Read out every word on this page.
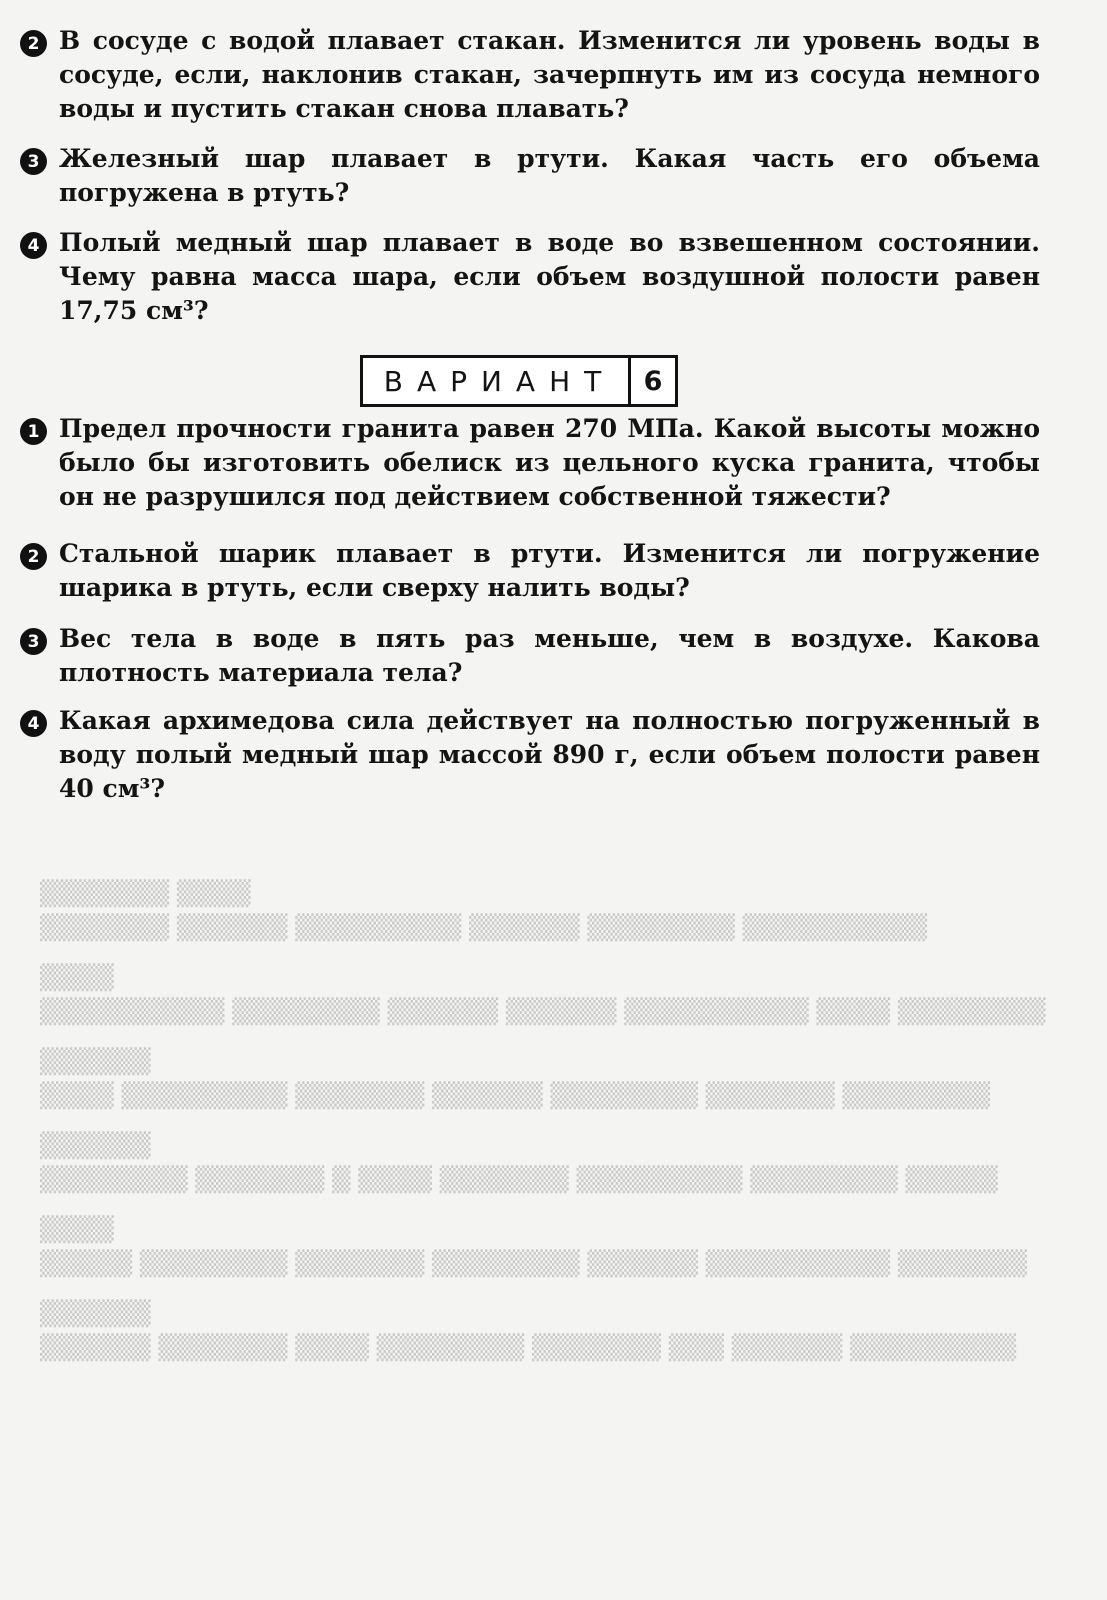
▒▒▒▒▒▒ ▒▒▒▒▒▒▒ ▒▒▒▒ ▒▒▒▒▒▒▒▒ ▒▒▒▒▒▒▒ ▒▒▒ ▒▒▒▒▒▒ ▒▒▒▒▒▒▒▒▒ ▒▒▒▒▒▒

▒▒▒▒▒ ▒▒▒▒▒▒▒▒ ▒▒▒▒▒▒▒ ▒▒▒▒▒▒▒▒ ▒▒▒▒▒▒ ▒▒▒▒▒▒▒▒▒▒ ▒▒▒▒▒▒▒ ▒▒▒▒

▒▒▒▒▒▒▒▒ ▒▒▒▒▒▒▒ ▒ ▒▒▒▒ ▒▒▒▒▒▒▒ ▒▒▒▒▒▒▒▒▒ ▒▒▒▒▒▒▒▒ ▒▒▒▒▒ ▒▒▒▒▒▒

▒▒▒▒ ▒▒▒▒▒▒▒▒▒ ▒▒▒▒▒▒▒ ▒▒▒▒▒▒ ▒▒▒▒▒▒▒▒ ▒▒▒▒▒▒▒ ▒▒▒▒▒▒▒▒ ▒▒▒▒▒▒

▒▒▒▒▒▒▒▒▒▒ ▒▒▒▒▒▒▒▒ ▒▒▒▒▒▒ ▒▒▒▒▒▒ ▒▒▒▒▒▒▒▒▒▒ ▒▒▒▒ ▒▒▒▒▒▒▒▒ ▒▒▒▒

▒▒▒▒▒▒▒ ▒▒▒▒▒▒ ▒▒▒▒▒▒▒▒▒ ▒▒▒▒▒▒ ▒▒▒▒▒▒▒▒ ▒▒▒▒▒▒▒▒▒▒ ▒▒▒▒▒▒▒ ▒▒▒▒

2 В сосуде с водой плавает стакан. Изменится ли уровень воды в сосуде, если, наклонив стакан, зачерпнуть им из сосуда немного воды и пустить стакан снова плавать?
3 Железный шар плавает в ртути. Какая часть его объема погружена в ртуть?
4 Полый медный шар плавает в воде во взвешенном состоянии. Чему равна масса шара, если объем воздушной полости равен 17,75 см³?
ВАРИАНТ	6
1 Предел прочности гранита равен 270 МПа. Какой высоты можно было бы изготовить обелиск из цельного куска гранита, чтобы он не разрушился под действием собственной тяжести?
2 Стальной шарик плавает в ртути. Изменится ли погружение шарика в ртуть, если сверху налить воды?
3 Вес тела в воде в пять раз меньше, чем в воздухе. Какова плотность материала тела?
4 Какая архимедова сила действует на полностью погруженный в воду полый медный шар массой 890 г, если объем полости равен 40 см³?
